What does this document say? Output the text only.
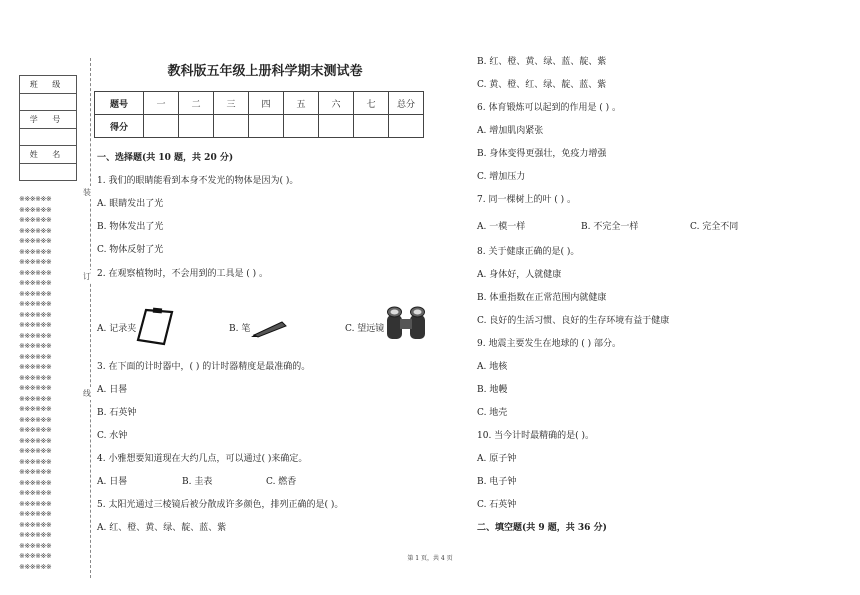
班 级

学 号

姓 名

※※※※※※
※※※※※※
※※※※※※
※※※※※※
※※※※※※
※※※※※※
※※※※※※
※※※※※※
※※※※※※
※※※※※※
※※※※※※
※※※※※※
※※※※※※
※※※※※※
※※※※※※
※※※※※※
※※※※※※
※※※※※※
※※※※※※
※※※※※※
※※※※※※
※※※※※※
※※※※※※
※※※※※※
※※※※※※
※※※※※※
※※※※※※
※※※※※※
※※※※※※
※※※※※※
※※※※※※
※※※※※※
※※※※※※
※※※※※※
※※※※※※
※※※※※※
装
订
线
教科版五年级上册科学期末测试卷
题号	一	二	三	四	五	六	七	总分
得分								
一、选择题(共 10 题，共 20 分)
1. 我们的眼睛能看到本身不发光的物体是因为( )。
A. 眼睛发出了光
B. 物体发出了光
C. 物体反射了光
2. 在观察植物时，不会用到的工具是 ( ) 。
A. 记录夹	B. 笔	C. 望远镜
3. 在下面的计时器中，( ) 的计时器精度是最准确的。
A. 日晷
B. 石英钟
C. 水钟
4. 小雅想要知道现在大约几点，可以通过( )来确定。
A. 日晷	B. 圭表	C. 燃香
5. 太阳光通过三棱镜后被分散成许多颜色，排列正确的是( )。
A. 红、橙、黄、绿、靛、蓝、紫
B. 红、橙、黄、绿、蓝、靛、紫
C. 黄、橙、红、绿、靛、蓝、紫
6. 体育锻炼可以起到的作用是 ( ) 。
A. 增加肌肉紧张
B. 身体变得更强壮，免疫力增强
C. 增加压力
7. 同一棵树上的叶 ( ) 。
A. 一模一样	B. 不完全一样	C. 完全不同
8. 关于健康正确的是( )。
A. 身体好，人就健康
B. 体重指数在正常范围内就健康
C. 良好的生活习惯、良好的生存环境有益于健康
9. 地震主要发生在地球的 ( ) 部分。
A. 地核
B. 地幔
C. 地壳
10. 当今计时最精确的是( )。
A. 原子钟
B. 电子钟
C. 石英钟
二、填空题(共 9 题，共 36 分)
第 1 页，共 4 页
